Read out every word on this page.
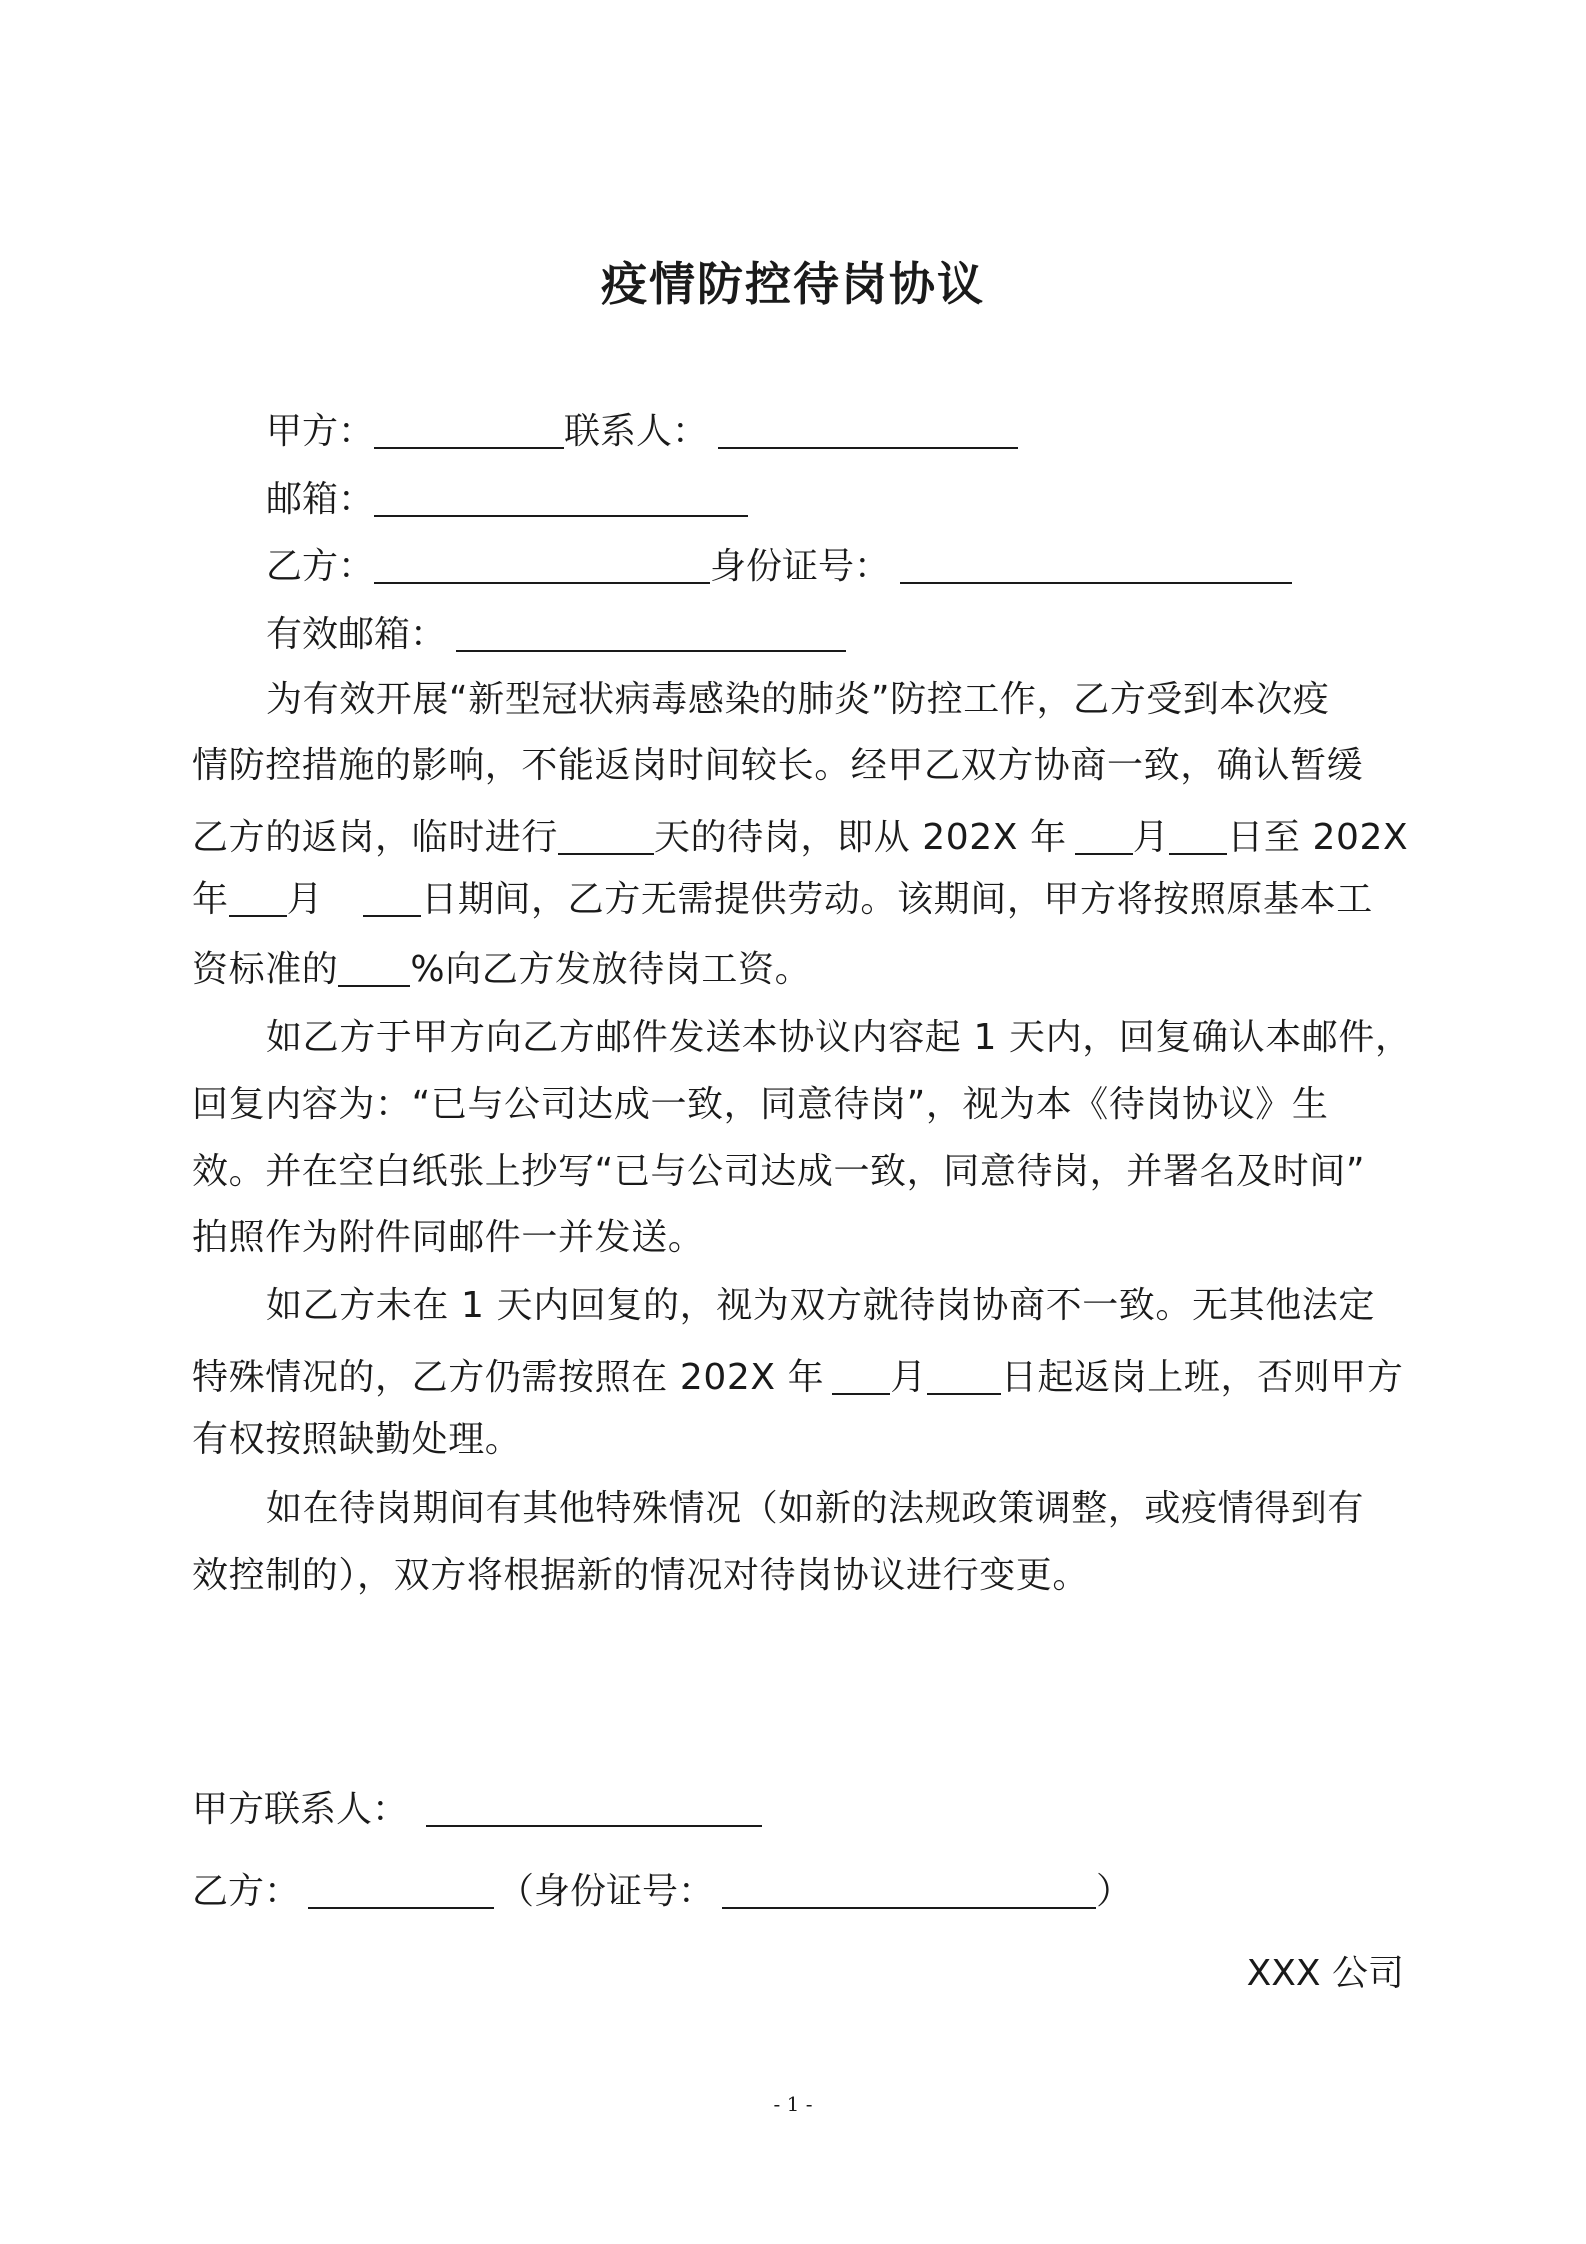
疫情防控待岗协议
甲方：	联系人：
邮箱：
乙方：	身份证号：
有效邮箱：
为有效开展“新型冠状病毒感染的肺炎”防控工作，乙方受到本次疫
情防控措施的影响，不能返岗时间较长。经甲乙双方协商一致，确认暂缓
乙方的返岗，临时进行	天的待岗，即从 202X 年 月 日至 202X
年 月	日期间，乙方无需提供劳动。该期间，甲方将按照原基本工
资标准的 %向乙方发放待岗工资。
如乙方于甲方向乙方邮件发送本协议内容起 1 天内，回复确认本邮件，
回复内容为：“已与公司达成一致，同意待岗”，视为本《待岗协议》生
效。并在空白纸张上抄写“已与公司达成一致，同意待岗，并署名及时间”
拍照作为附件同邮件一并发送。
如乙方未在 1 天内回复的，视为双方就待岗协商不一致。无其他法定
特殊情况的，乙方仍需按照在 202X 年 月 日起返岗上班，否则甲方
有权按照缺勤处理。
如在待岗期间有其他特殊情况（如新的法规政策调整，或疫情得到有
效控制的），双方将根据新的情况对待岗协议进行变更。
甲方联系人：
乙方：	（身份证号：	）
XXX 公司
- 1 -
